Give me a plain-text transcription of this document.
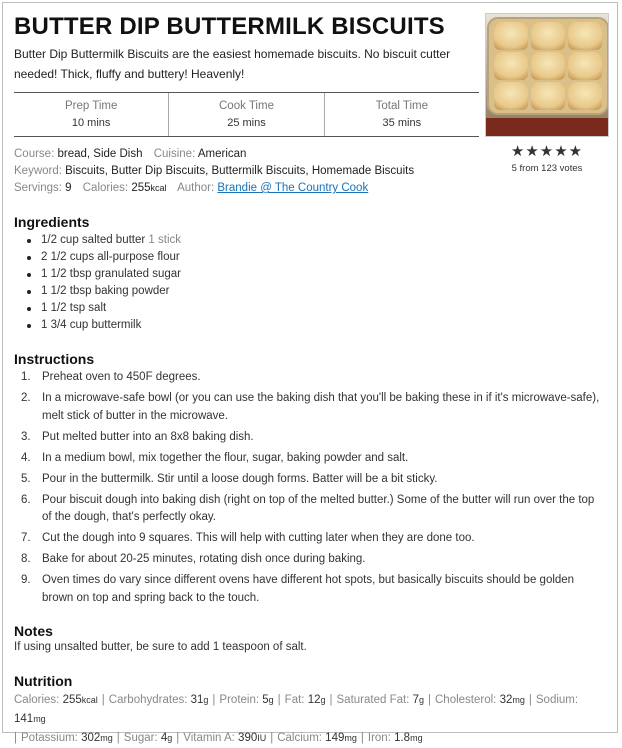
BUTTER DIP BUTTERMILK BISCUITS
Butter Dip Buttermilk Biscuits are the easiest homemade biscuits. No biscuit cutter needed! Thick, fluffy and buttery! Heavenly!
★★★★★
5 from 123 votes
Prep Time
10 mins
Cook Time
25 mins
Total Time
35 mins
Course: bread, Side Dish Cuisine: American
Keyword: Biscuits, Butter Dip Biscuits, Buttermilk Biscuits, Homemade Biscuits
Servings: 9 Calories: 255kcal Author: Brandie @ The Country Cook
Ingredients
1/2 cup salted butter 1 stick
2 1/2 cups all-purpose flour
1 1/2 tbsp granulated sugar
1 1/2 tbsp baking powder
1 1/2 tsp salt
1 3/4 cup buttermilk
Instructions
1. Preheat oven to 450F degrees.
2. In a microwave-safe bowl (or you can use the baking dish that you'll be baking these in if it's microwave-safe), melt stick of butter in the microwave.
3. Put melted butter into an 8x8 baking dish.
4. In a medium bowl, mix together the flour, sugar, baking powder and salt.
5. Pour in the buttermilk. Stir until a loose dough forms. Batter will be a bit sticky.
6. Pour biscuit dough into baking dish (right on top of the melted butter.) Some of the butter will run over the top of the dough, that's perfectly okay.
7. Cut the dough into 9 squares. This will help with cutting later when they are done too.
8. Bake for about 20-25 minutes, rotating dish once during baking.
9. Oven times do vary since different ovens have different hot spots, but basically biscuits should be golden brown on top and spring back to the touch.
Notes
If using unsalted butter, be sure to add 1 teaspoon of salt.
Nutrition
Calories: 255kcal | Carbohydrates: 31g | Protein: 5g | Fat: 12g | Saturated Fat: 7g | Cholesterol: 32mg | Sodium: 141mg
| Potassium: 302mg | Sugar: 4g | Vitamin A: 390IU | Calcium: 149mg | Iron: 1.8mg
